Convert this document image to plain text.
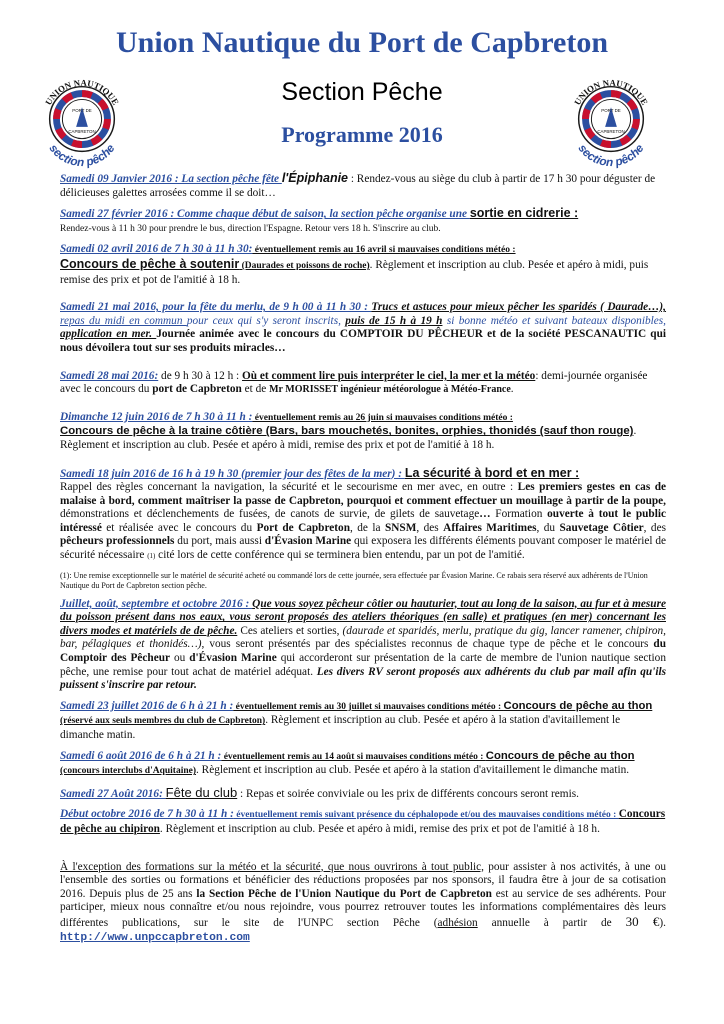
Union Nautique du Port de Capbreton
Section Pêche
Programme 2016
UNION NAUTIQUE
PORT DE
CAPBRETON
section pêche
UNION NAUTIQUE
PORT DE
CAPBRETON
section pêche
Samedi 09 Janvier 2016 : La section pêche fête l'Épiphanie : Rendez-vous au siège du club à partir de 17 h 30 pour déguster de délicieuses galettes arrosées comme il se doit…
Samedi 27 février 2016 : Comme chaque début de saison, la section pêche organise une sortie en cidrerie :
Rendez-vous à 11 h 30 pour prendre le bus, direction l'Espagne. Retour vers 18 h. S'inscrire au club.
Samedi 02 avril 2016 de 7 h 30 à 11 h 30: éventuellement remis au 16 avril si mauvaises conditions météo :
Concours de pêche à soutenir (Daurades et poissons de roche). Règlement et inscription au club. Pesée et apéro à midi, puis remise des prix et pot de l'amitié à 18 h.
Samedi 21 mai 2016, pour la fête du merlu, de 9 h 00 à 11 h 30 : Trucs et astuces pour mieux pêcher les sparidés ( Daurade…), repas du midi en commun pour ceux qui s'y seront inscrits, puis de 15 h à 19 h si bonne météo et suivant bateaux disponibles, application en mer. Journée animée avec le concours du COMPTOIR DU PÊCHEUR et de la société PESCANAUTIC qui nous dévoilera tout sur ses produits miracles…
Samedi 28 mai 2016: de 9 h 30 à 12 h : Où et comment lire puis interpréter le ciel, la mer et la météo: demi-journée organisée avec le concours du port de Capbreton et de Mr MORISSET ingénieur météorologue à Météo-France.
Dimanche 12 juin 2016 de 7 h 30 à 11 h : éventuellement remis au 26 juin si mauvaises conditions météo :
Concours de pêche à la traine côtière (Bars, bars mouchetés, bonites, orphies, thonidés (sauf thon rouge). Règlement et inscription au club. Pesée et apéro à midi, remise des prix et pot de l'amitié à 18 h.
Samedi 18 juin 2016 de 16 h à 19 h 30 (premier jour des fêtes de la mer) : La sécurité à bord et en mer :
Rappel des règles concernant la navigation, la sécurité et le secourisme en mer avec, en outre : Les premiers gestes en cas de malaise à bord, comment maîtriser la passe de Capbreton, pourquoi et comment effectuer un mouillage à partir de la poupe, démonstrations et déclenchements de fusées, de canots de survie, de gilets de sauvetage… Formation ouverte à tout le public intéressé et réalisée avec le concours du Port de Capbreton, de la SNSM, des Affaires Maritimes, du Sauvetage Côtier, des pêcheurs professionnels du port, mais aussi d'Évasion Marine qui exposera les différents éléments pouvant composer le matériel de sécurité nécessaire (1) cité lors de cette conférence qui se terminera bien entendu, par un pot de l'amitié.
(1): Une remise exceptionnelle sur le matériel de sécurité acheté ou commandé lors de cette journée, sera effectuée par Évasion Marine. Ce rabais sera réservé aux adhérents de l'Union Nautique du Port de Capbreton section pêche.
Juillet, août, septembre et octobre 2016 : Que vous soyez pêcheur côtier ou hauturier, tout au long de la saison, au fur et à mesure du poisson présent dans nos eaux, vous seront proposés des ateliers théoriques (en salle) et pratiques (en mer) concernant les divers modes et matériels de de pêche. Ces ateliers et sorties, (daurade et sparidés, merlu, pratique du gig, lancer ramener, chipiron, bar, pélagiques et thonidés…), vous seront présentés par des spécialistes reconnus de chaque type de pêche et le concours du Comptoir des Pêcheur ou d'Évasion Marine qui accorderont sur présentation de la carte de membre de l'union nautique section pêche, une remise pour tout achat de matériel adéquat. Les divers RV seront proposés aux adhérents du club par mail afin qu'ils puissent s'inscrire par retour.
Samedi 23 juillet 2016 de 6 h à 21 h : éventuellement remis au 30 juillet si mauvaises conditions météo : Concours de pêche au thon (réservé aux seuls membres du club de Capbreton). Règlement et inscription au club. Pesée et apéro à la station d'avitaillement le dimanche matin.
Samedi 6 août 2016 de 6 h à 21 h : éventuellement remis au 14 août si mauvaises conditions météo : Concours de pêche au thon (concours interclubs d'Aquitaine). Règlement et inscription au club. Pesée et apéro à la station d'avitaillement le dimanche matin.
Samedi 27 Août 2016: Fête du club : Repas et soirée conviviale ou les prix de différents concours seront remis.
Début octobre 2016 de 7 h 30 à 11 h : éventuellement remis suivant présence du céphalopode et/ou des mauvaises conditions météo : Concours de pêche au chipiron. Règlement et inscription au club. Pesée et apéro à midi, remise des prix et pot de l'amitié à 18 h.
À l'exception des formations sur la météo et la sécurité, que nous ouvrirons à tout public, pour assister à nos activités, à une ou l'ensemble des sorties ou formations et bénéficier des réductions proposées par nos sponsors, il faudra être à jour de sa cotisation 2016. Depuis plus de 25 ans la Section Pêche de l'Union Nautique du Port de Capbreton est au service de ses adhérents. Pour participer, mieux nous connaître et/ou nous rejoindre, vous pourrez retrouver toutes les informations complémentaires dès leurs différentes publications, sur le site de l'UNPC section Pêche (adhésion annuelle à partir de 30 €). http://www.unpccapbreton.com
